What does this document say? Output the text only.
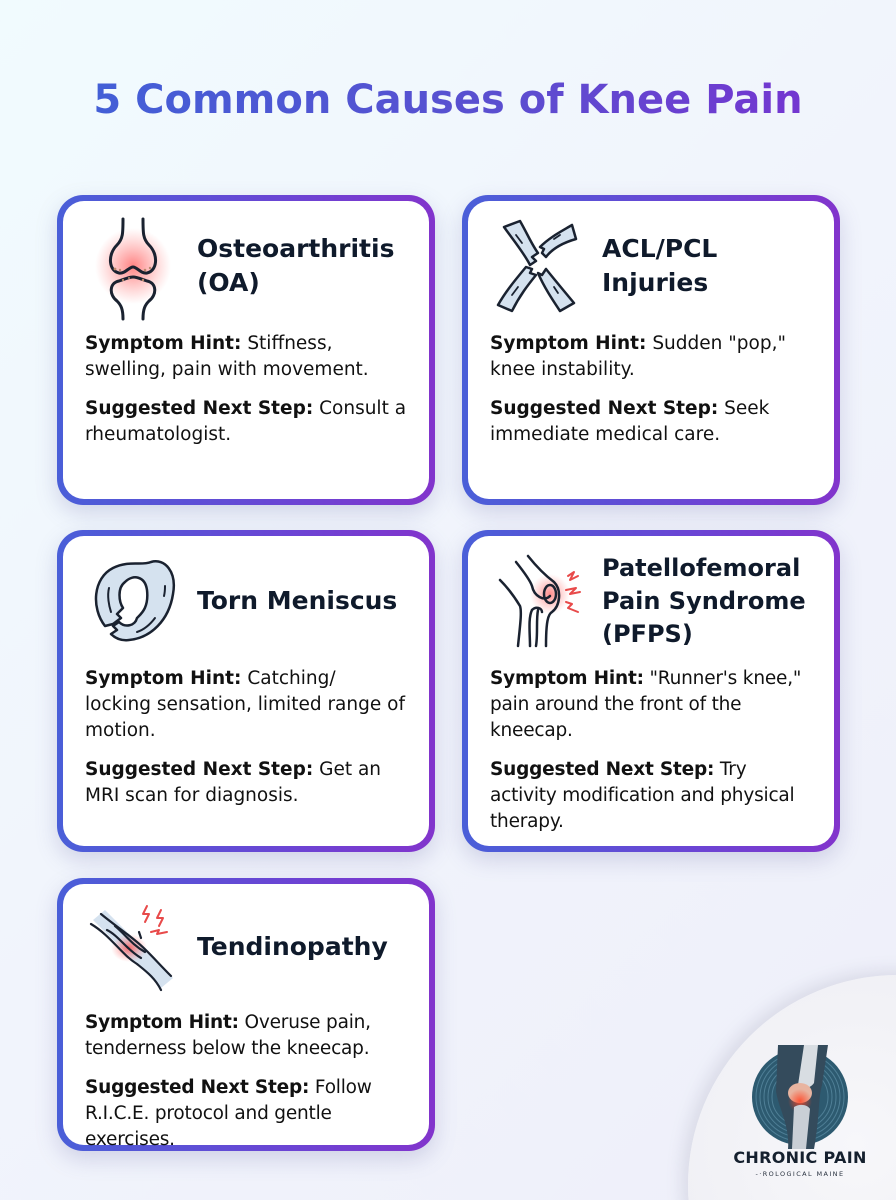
5 Common Causes of Knee Pain
Osteoarthritis
(OA)

Symptom Hint: Stiffness, swelling, pain with movement.

Suggested Next Step: Consult a rheumatologist.

ACL/PCL
Injuries

Symptom Hint: Sudden "pop," knee instability.

Suggested Next Step: Seek immediate medical care.

Torn Meniscus

Symptom Hint: Catching/ locking sensation, limited range of motion.

Suggested Next Step: Get an MRI scan for diagnosis.

Patellofemoral
Pain Syndrome
(PFPS)

Symptom Hint: "Runner's knee," pain around the front of the kneecap.

Suggested Next Step: Try activity modification and physical therapy.

Tendinopathy

Symptom Hint: Overuse pain, tenderness below the kneecap.

Suggested Next Step: Follow R.I.C.E. protocol and gentle exercises.

CHRONIC PAIN
-·ROLOGICAL MAINE
